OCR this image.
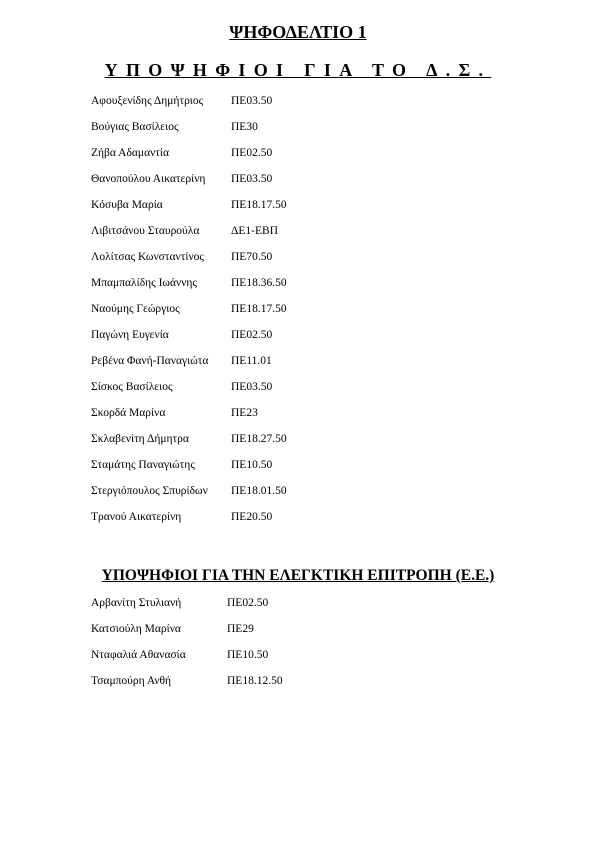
ΨΗΦΟΔΕΛΤΙΟ 1
ΥΠΟΨΗΦΙΟΙ ΓΙΑ ΤΟ Δ.Σ.
Αφουξενίδης Δημήτριος ΠΕ03.50
Βούγιας Βασίλειος	ΠΕ30
Ζήβα Αδαμαντία	ΠΕ02.50
Θανοπούλου Αικατερίνη ΠΕ03.50
Κόσυβα Μαρία	ΠΕ18.17.50
Λιβιτσάνου Σταυρούλα	ΔΕ1-ΕΒΠ
Λολίτσας Κωνσταντίνος ΠΕ70.50
Μπαμπαλίδης Ιωάννης	ΠΕ18.36.50
Ναούμης Γεώργιος	ΠΕ18.17.50
Παγώνη Ευγενία	ΠΕ02.50
Ρεβένα Φανή-Παναγιώτα ΠΕ11.01
Σίσκος Βασίλειος	ΠΕ03.50
Σκορδά Μαρίνα	ΠΕ23
Σκλαβενίτη Δήμητρα	ΠΕ18.27.50
Σταμάτης Παναγιώτης	ΠΕ10.50
Στεργιόπουλος Σπυρίδων ΠΕ18.01.50
Τρανού Αικατερίνη	ΠΕ20.50
ΥΠΟΨΗΦΙΟΙ ΓΙΑ ΤΗΝ ΕΛΕΓΚΤΙΚΗ ΕΠΙΤΡΟΠΗ (Ε.Ε.)
Αρβανίτη Στυλιανή	ΠΕ02.50
Κατσιούλη Μαρίνα	ΠΕ29
Νταφαλιά Αθανασία	ΠΕ10.50
Τσαμπούρη Ανθή	ΠΕ18.12.50
